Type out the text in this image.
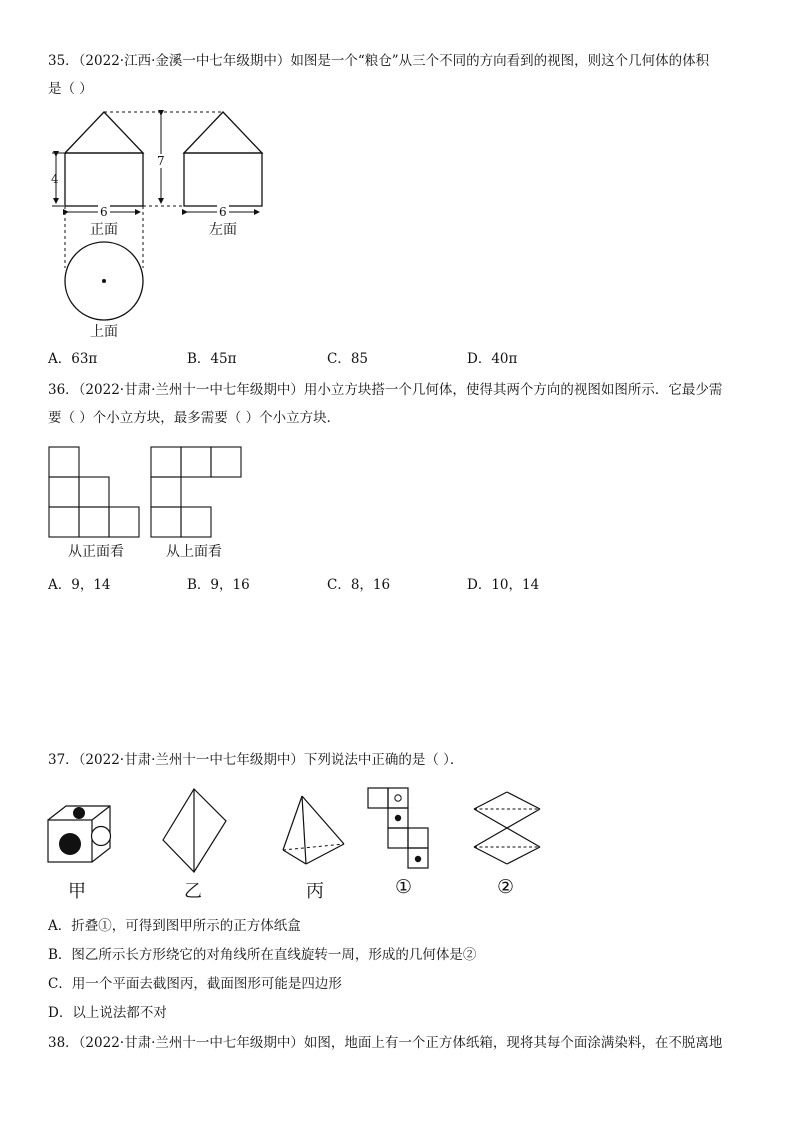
35．（2022·江西·金溪一中七年级期中）如图是一个“粮仓”从三个不同的方向看到的视图，则这个几何体的体积
是（ ）
4
7
6	6
正面	左面
上面
A．63π	B．45π	C．85	D．40π
36．（2022·甘肃·兰州十一中七年级期中）用小立方块搭一个几何体，使得其两个方向的视图如图所示．它最少需
要（ ）个小立方块，最多需要（ ）个小立方块．
从正面看	从上面看
A．9，14	B．9，16	C．8，16	D．10，14
37．（2022·甘肃·兰州十一中七年级期中）下列说法中正确的是（ ）．
甲	乙	丙	①	②
A．折叠①，可得到图甲所示的正方体纸盒
B．图乙所示长方形绕它的对角线所在直线旋转一周，形成的几何体是②
C．用一个平面去截图丙，截面图形可能是四边形
D．以上说法都不对
38．（2022·甘肃·兰州十一中七年级期中）如图，地面上有一个正方体纸箱，现将其每个面涂满染料，在不脱离地
